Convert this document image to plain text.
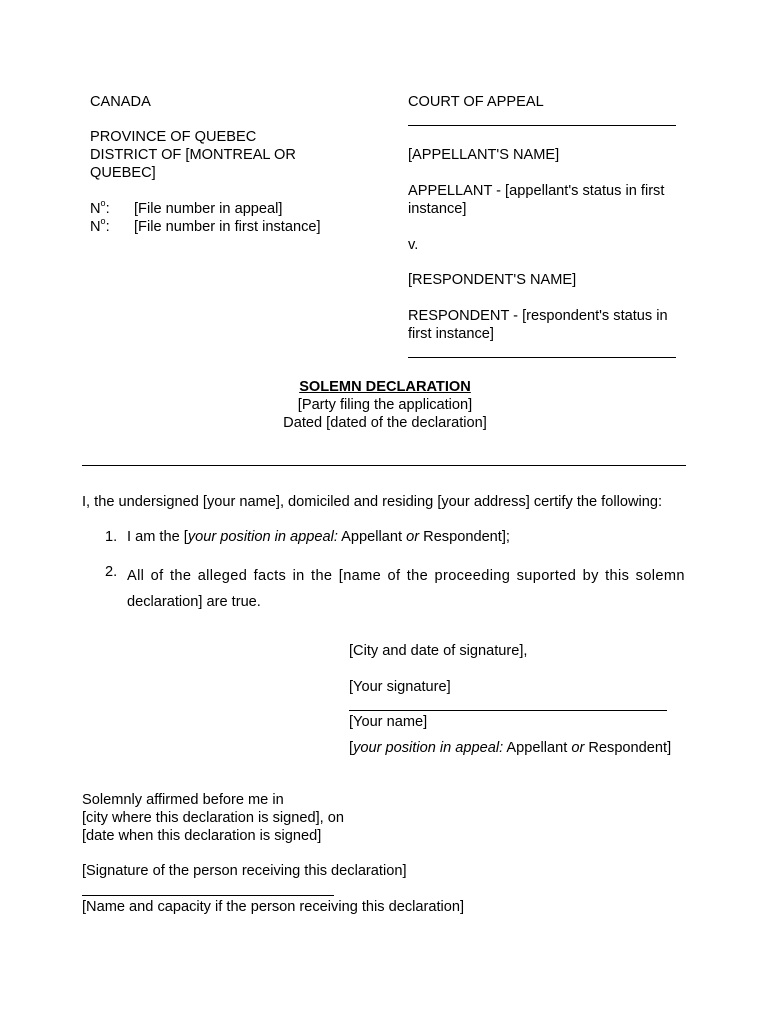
CANADA
PROVINCE OF QUEBEC
DISTRICT OF [MONTREAL OR
QUEBEC]
$N^o$: [File number in appeal]
$N^o$: [File number in first instance]
COURT OF APPEAL
[APPELLANT'S NAME]
APPELLANT - [appellant's status in first
instance]
v.
[RESPONDENT'S NAME]
RESPONDENT - [respondent's status in
first instance]
SOLEMN DECLARATION
[Party filing the application]
Dated [dated of the declaration]
I, the undersigned [your name], domiciled and residing [your address] certify the following:
1. I am the [your position in appeal: Appellant or Respondent];
2. All of the alleged facts in the [name of the proceeding suported by this solemn
declaration] are true.
[City and date of signature],
[Your signature]
[Your name]
[your position in appeal: Appellant or Respondent]
Solemnly affirmed before me in
[city where this declaration is signed], on
[date when this declaration is signed]
[Signature of the person receiving this declaration]
[Name and capacity if the person receiving this declaration]
